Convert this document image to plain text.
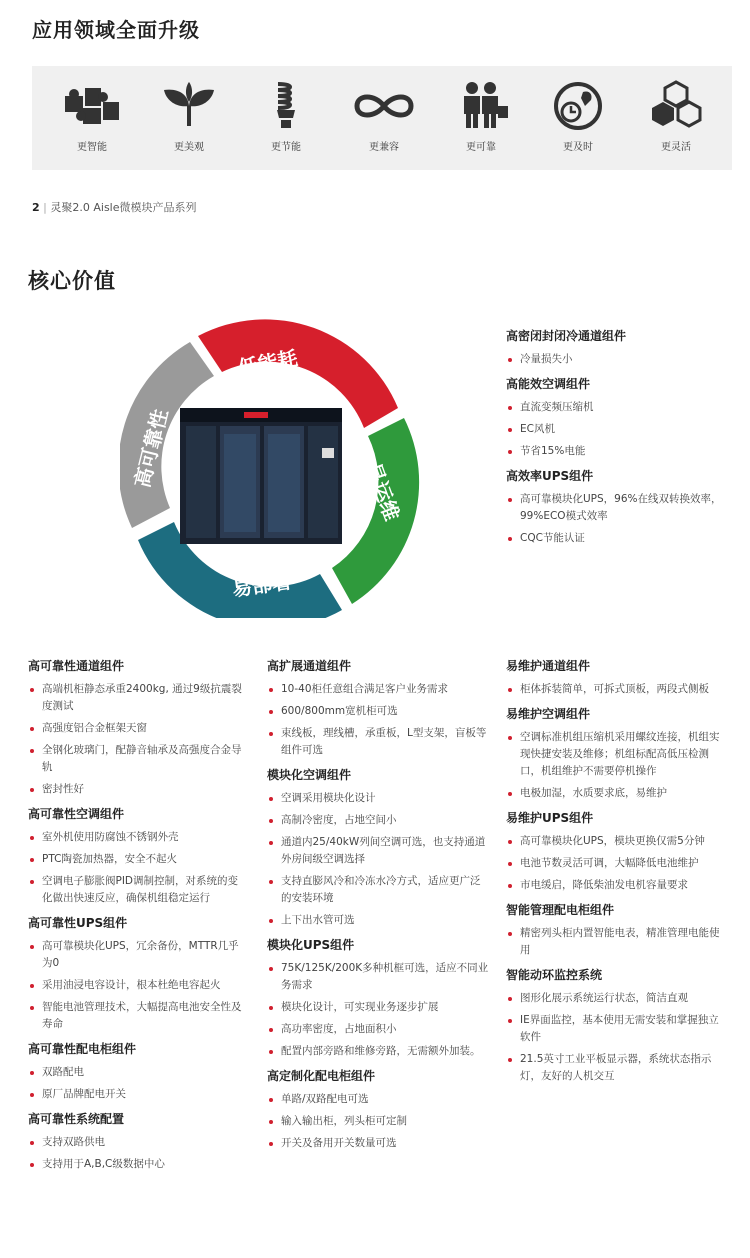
应用领域全面升级
更智能	更美观	更节能	更兼容	更可靠	更及时	更灵活
2 | 灵聚2.0 Aisle微模块产品系列
核心价值
低能耗
易运维
易部署
高可靠性
高密闭封闭冷通道组件
冷量损失小
高能效空调组件
直流变频压缩机
EC风机
节省15%电能
高效率UPS组件
高可靠模块化UPS，96%在线双转换效率，99%ECO模式效率
CQC节能认证
高可靠性通道组件
高端机柜静态承重2400kg, 通过9级抗震裂度测试
高强度铝合金框架天窗
全钢化玻璃门，配静音轴承及高强度合金导轨
密封性好
高可靠性空调组件
室外机使用防腐蚀不锈钢外壳
PTC陶瓷加热器，安全不起火
空调电子膨胀阀PID调制控制，对系统的变化做出快速反应，确保机组稳定运行
高可靠性UPS组件
高可靠模块化UPS，冗余备份，MTTR几乎为0
采用油浸电容设计，根本杜绝电容起火
智能电池管理技术，大幅提高电池安全性及寿命
高可靠性配电柜组件
双路配电
原厂品牌配电开关
高可靠性系统配置
支持双路供电
支持用于A,B,C级数据中心
高扩展通道组件
10-40柜任意组合满足客户业务需求
600/800mm宽机柜可选
束线板，理线槽，承重板，L型支架，盲板等组件可选
模块化空调组件
空调采用模块化设计
高制冷密度，占地空间小
通道内25/40kW列间空调可选，也支持通道外房间级空调选择
支持直膨风冷和冷冻水冷方式，适应更广泛的安装环境
上下出水管可选
模块化UPS组件
75K/125K/200K多种机框可选，适应不同业务需求
模块化设计，可实现业务逐步扩展
高功率密度，占地面积小
配置内部旁路和维修旁路，无需额外加装。
高定制化配电柜组件
单路/双路配电可选
输入输出柜，列头柜可定制
开关及备用开关数量可选
易维护通道组件
柜体拆装简单，可拆式顶板，两段式侧板
易维护空调组件
空调标准机组压缩机采用螺纹连接，机组实现快捷安装及维修；机组标配高低压检测口，机组维护不需要停机操作
电极加湿，水质要求底，易维护
易维护UPS组件
高可靠模块化UPS，模块更换仅需5分钟
电池节数灵活可调，大幅降低电池维护
市电缓启，降低柴油发电机容量要求
智能管理配电柜组件
精密列头柜内置智能电表，精准管理电能使用
智能动环监控系统
图形化展示系统运行状态，简洁直观
IE界面监控，基本使用无需安装和掌握独立软件
21.5英寸工业平板显示器，系统状态指示灯，友好的人机交互
